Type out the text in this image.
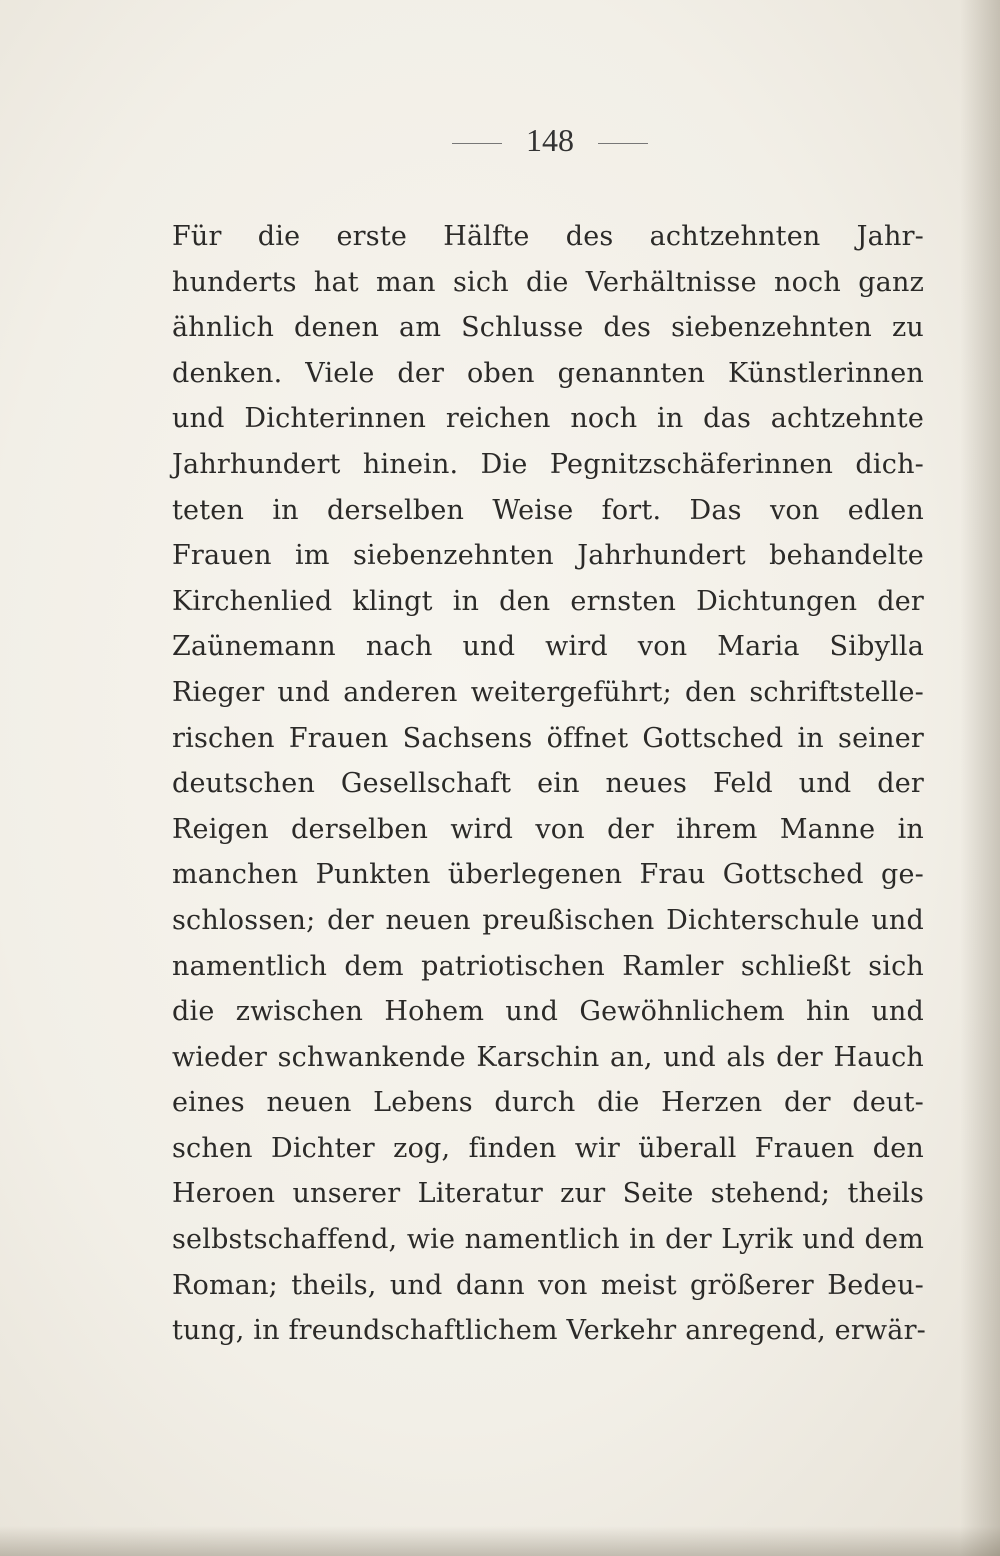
148
Für die erste Hälfte des achtzehnten Jahr-
hunderts hat man sich die Verhältnisse noch ganz
ähnlich denen am Schlusse des siebenzehnten zu
denken. Viele der oben genannten Künstlerinnen
und Dichterinnen reichen noch in das achtzehnte
Jahrhundert hinein. Die Pegnitzschäferinnen dich-
teten in derselben Weise fort. Das von edlen
Frauen im siebenzehnten Jahrhundert behandelte
Kirchenlied klingt in den ernsten Dichtungen der
Zaünemann nach und wird von Maria Sibylla
Rieger und anderen weitergeführt; den schriftstelle-
rischen Frauen Sachsens öffnet Gottsched in seiner
deutschen Gesellschaft ein neues Feld und der
Reigen derselben wird von der ihrem Manne in
manchen Punkten überlegenen Frau Gottsched ge-
schlossen; der neuen preußischen Dichterschule und
namentlich dem patriotischen Ramler schließt sich
die zwischen Hohem und Gewöhnlichem hin und
wieder schwankende Karschin an, und als der Hauch
eines neuen Lebens durch die Herzen der deut-
schen Dichter zog, finden wir überall Frauen den
Heroen unserer Literatur zur Seite stehend; theils
selbstschaffend, wie namentlich in der Lyrik und dem
Roman; theils, und dann von meist größerer Bedeu-
tung, in freundschaftlichem Verkehr anregend, erwär-
